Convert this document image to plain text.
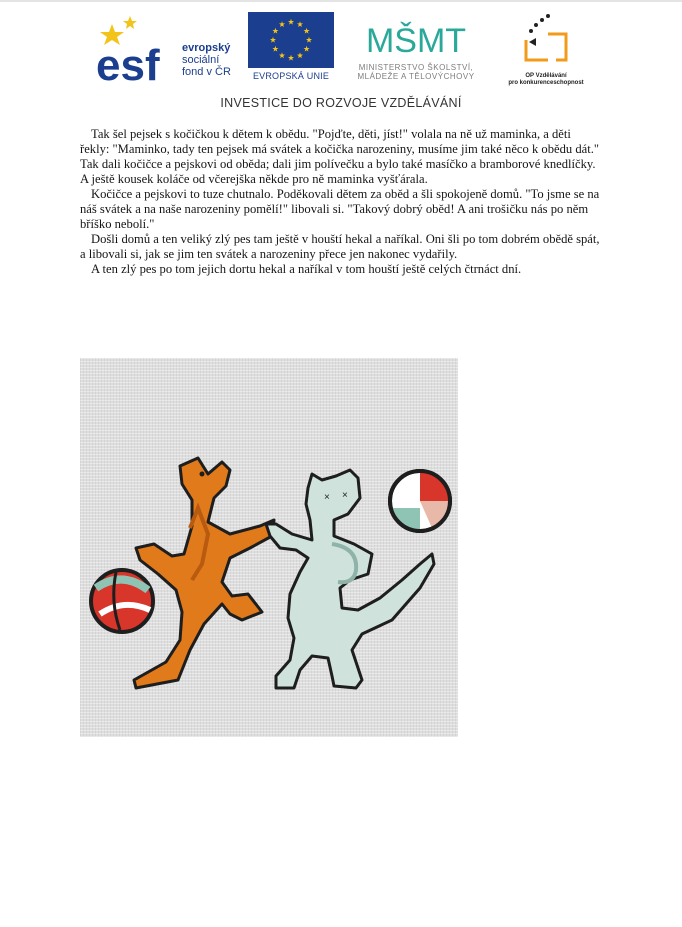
esf evropský
sociální
fond v ČR	EVROPSKÁ UNIE
MŠMT
MINISTERSTVO ŠKOLSTVÍ,
MLÁDEŽE A TĚLOVÝCHOVY	OP Vzdělávání
pro konkurenceschopnost
INVESTICE DO ROZVOJE VZDĚLÁVÁNÍ

Tak šel pejsek s kočičkou k dětem k obědu. "Pojďte, děti, jíst!" volala na ně už maminka, a děti řekly: "Maminko, tady ten pejsek má svátek a kočička narozeniny, musíme jim také něco k obědu dát." Tak dali kočičce a pejskovi od oběda; dali jim polívečku a bylo také masíčko a bramborové knedlíčky. A ještě kousek koláče od včerejška někde pro ně maminka vyšťárala.

Kočičce a pejskovi to tuze chutnalo. Poděkovali dětem za oběd a šli spokojeně domů. "To jsme se na náš svátek a na naše narozeniny pomělí!" libovali si. "Takový dobrý oběd! A ani trošičku nás po něm bříško nebolí."

Došli domů a ten veliký zlý pes tam ještě v houští hekal a naříkal. Oni šli po tom dobrém obědě spát, a libovali si, jak se jim ten svátek a narozeniny přece jen nakonec vydařily.

A ten zlý pes po tom jejich dortu hekal a naříkal v tom houští ještě celých čtrnáct dní.

× ×
